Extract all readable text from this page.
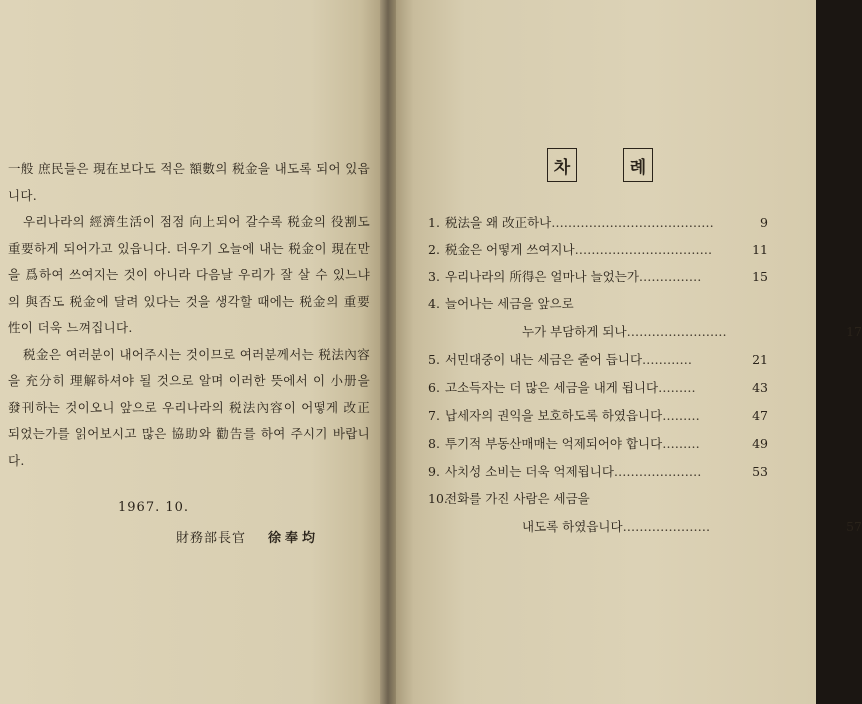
一般 庶民들은 現在보다도 적은 額數의 税金을 내도록 되어 있읍니다.

우리나라의 經濟生活이 점점 向上되어 갈수록 税金의 役割도 重要하게 되어가고 있읍니다. 더우기 오늘에 내는 税金이 現在만을 爲하여 쓰여지는 것이 아니라 다음날 우리가 잘 살 수 있느냐의 與否도 税金에 달려 있다는 것을 생각할 때에는 税金의 重要性이 더욱 느껴집니다.

税金은 여러분이 내어주시는 것이므로 여러분께서는 税法內容을 充分히 理解하셔야 될 것으로 알며 이러한 뜻에서 이 小册을 發刊하는 것이오니 앞으로 우리나라의 税法內容이 어떻게 改正되었는가를 읽어보시고 많은 協助와 勸告를 하여 주시기 바랍니다.

1967. 10.
財務部長官 徐奉均
차	례
1. 税法을 왜 改正하나…………………………………	9
2. 税金은 어떻게 쓰여지나……………………………	11
3. 우리나라의 所得은 얼마나 늘었는가……………	15
4. 늘어나는 세금을 앞으로
누가 부담하게 되나……………………	17
5. 서민대중이 내는 세금은 줄어 듭니다…………	21
6. 고소득자는 더 많은 세금을 내게 됩니다………	43
7. 납세자의 권익을 보호하도록 하였읍니다………	47
8. 투기적 부동산매매는 억제되어야 합니다………	49
9. 사치성 소비는 더욱 억제됩니다…………………	53
10.전화를 가진 사람은 세금을
내도록 하였읍니다…………………	57
